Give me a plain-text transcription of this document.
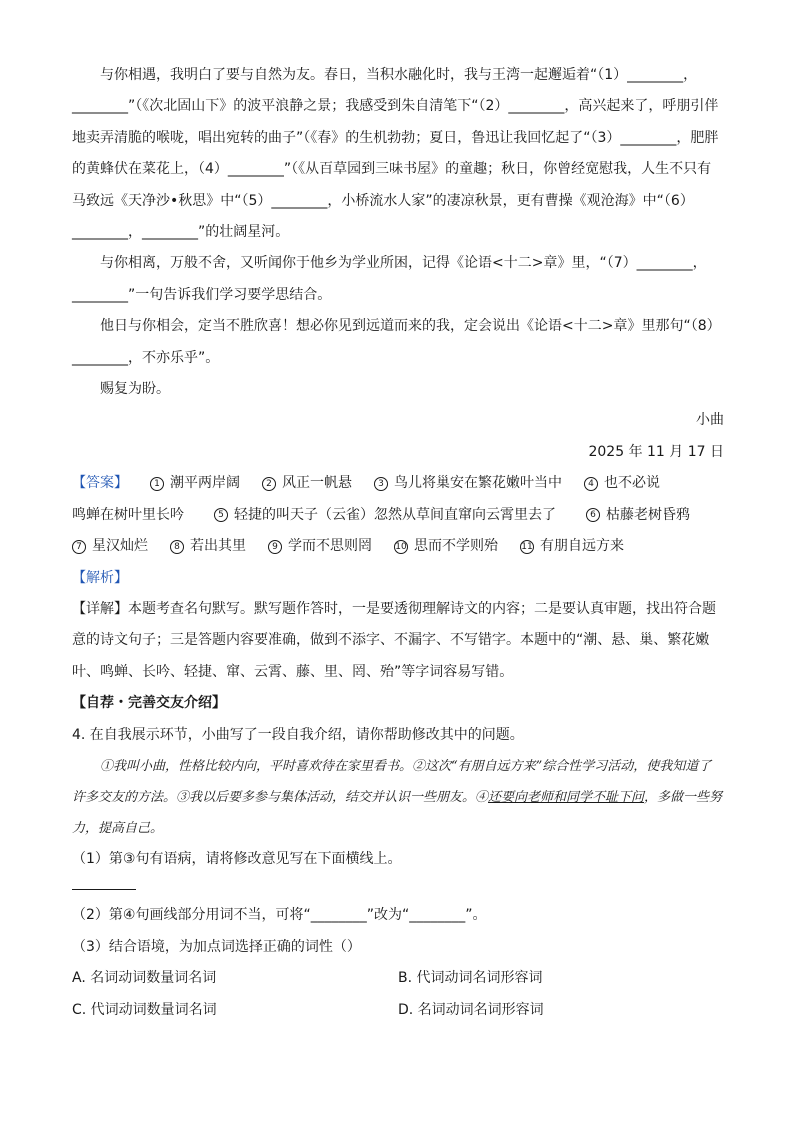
与你相遇，我明白了要与自然为友。春日，当积水融化时，我与王湾一起邂逅着“（1）________，________”（《次北固山下》的波平浪静之景；我感受到朱自清笔下“（2）________，高兴起来了，呼朋引伴地卖弄清脆的喉咙，唱出宛转的曲子”（《春》的生机勃勃；夏日，鲁迅让我回忆起了“（3）________，肥胖的黄蜂伏在菜花上，（4）________”（《从百草园到三味书屋》的童趣；秋日，你曾经宽慰我，人生不只有马致远《天净沙•秋思》中“（5）________，小桥流水人家”的凄凉秋景，更有曹操《观沧海》中“（6）________，________”的壮阔星河。

与你相离，万般不舍，又听闻你于他乡为学业所困，记得《论语<十二>章》里，“（7）________，________”一句告诉我们学习要学思结合。

他日与你相会，定当不胜欣喜！想必你见到远道而来的我，定会说出《论语<十二>章》里那句“（8）________，不亦乐乎”。

赐复为盼。

小曲

2025 年 11 月 17 日

【答案】	1 潮平两岸阔	2 风正一帆悬	3 鸟儿将巢安在繁花嫩叶当中	4 也不必说
鸣蝉在树叶里长吟	5 轻捷的叫天子（云雀）忽然从草间直窜向云霄里去了	6 枯藤老树昏鸦
7 星汉灿烂	8 若出其里	9 学而不思则罔	10 思而不学则殆	11 有朋自远方来

【解析】

【详解】本题考查名句默写。默写题作答时，一是要透彻理解诗文的内容；二是要认真审题，找出符合题意的诗文句子；三是答题内容要准确，做到不添字、不漏字、不写错字。本题中的“潮、悬、巢、繁花嫩叶、鸣蝉、长吟、轻捷、窜、云霄、藤、里、罔、殆”等字词容易写错。

【自荐・完善交友介绍】

4. 在自我展示环节，小曲写了一段自我介绍，请你帮助修改其中的问题。

①我叫小曲，性格比较内向，平时喜欢待在家里看书。②这次“有朋自远方来”综合性学习活动，使我知道了许多交友的方法。③我以后要多参与集体活动，结交并认识一些朋友。④还要向老师和同学不耻下问，多做一些努力，提高自己。

（1）第③句有语病，请将修改意见写在下面横线上。

（2）第④句画线部分用词不当，可将“________”改为“________”。

（3）结合语境，为加点词选择正确的词性（）

A. 名词动词数量词名词	B. 代词动词名词形容词
C. 代词动词数量词名词	D. 名词动词名词形容词
